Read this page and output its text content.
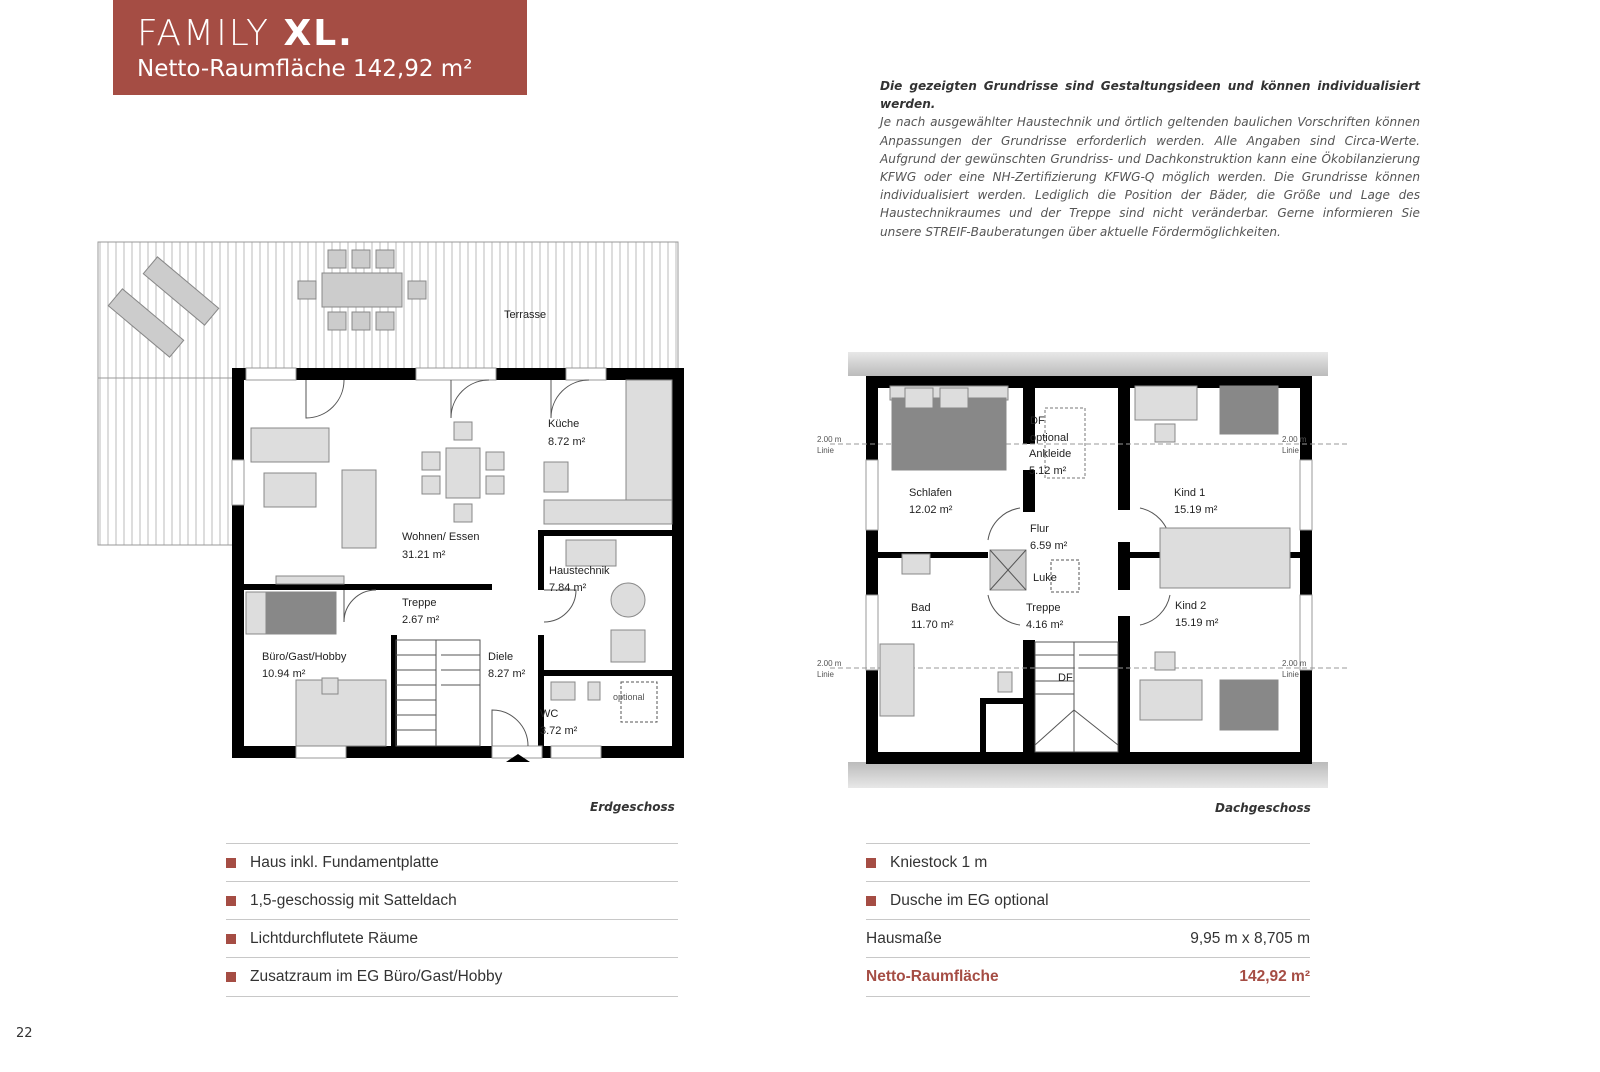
FAMILY XL.
Netto-Raumfläche 142,92 m²
Die gezeigten Grundrisse sind Gestaltungsideen und können individualisiert werden.
Je nach ausgewählter Haustechnik und örtlich geltenden baulichen Vorschriften können Anpassungen der Grundrisse erforderlich werden. Alle Angaben sind Circa-Werte. Aufgrund der gewünschten Grundriss- und Dachkonstruktion kann eine Ökobilanzierung KFWG oder eine NH-Zertifizierung KFWG-Q möglich werden. Die Grundrisse können individualisiert werden. Lediglich die Position der Bäder, die Größe und Lage des Haustechnikraumes und der Treppe sind nicht veränderbar. Gerne informieren Sie unsere STREIF-Bauberatungen über aktuelle Fördermöglichkeiten.
Terrasse
Wohnen/ Essen
31.21 m²
Küche
8.72 m²
Haustechnik
7.84 m²
Treppe
2.67 m²
Büro/Gast/Hobby
10.94 m²
Diele
8.27 m²
WC
3.72 m²
optional
Erdgeschoss
DF
optional
Ankleide
5.12 m²
Schlafen
12.02 m²
Kind 1
15.19 m²
Flur
6.59 m²
Luke
Bad
11.70 m²
Treppe
4.16 m²
Kind 2
15.19 m²
DF
2.00 m
Linie
2.00 m
Linie
2.00 m
Linie
2.00 m
Linie
Dachgeschoss
Haus inkl. Fundamentplatte
1,5-geschossig mit Satteldach
Lichtdurchflutete Räume
Zusatzraum im EG Büro/Gast/Hobby
Kniestock 1 m
Dusche im EG optional
Hausmaße	9,95 m x 8,705 m
Netto-Raumfläche	142,92 m²
22
